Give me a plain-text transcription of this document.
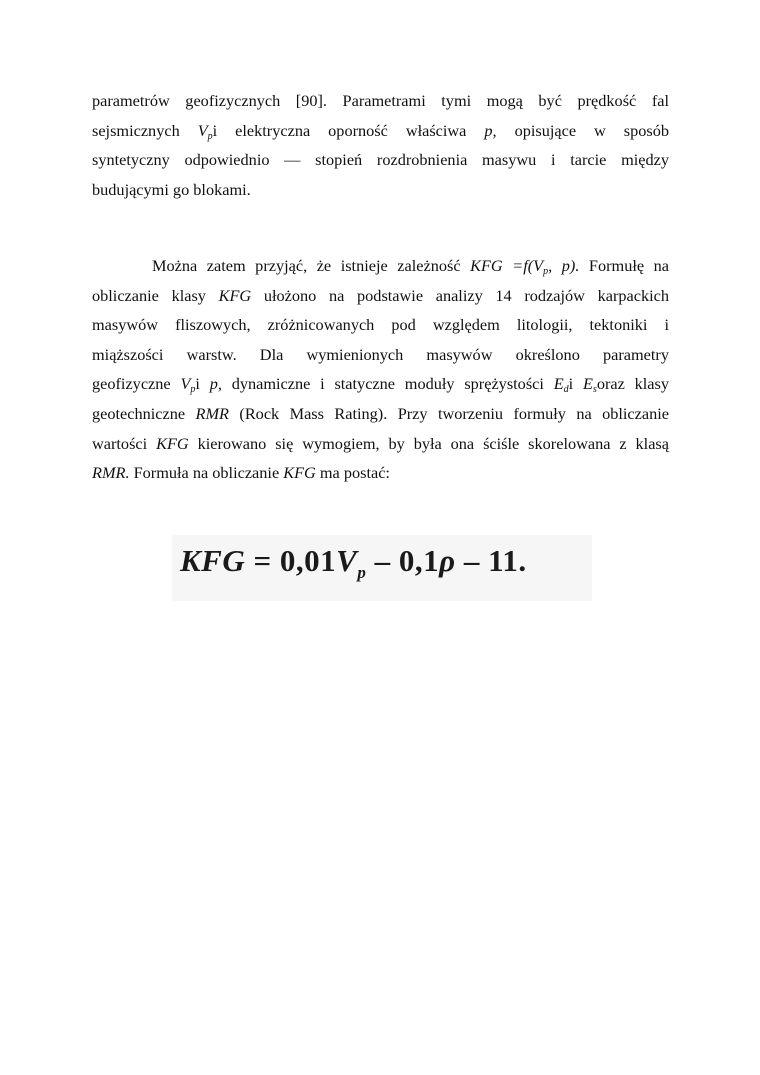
parametrów geofizycznych [90]. Parametrami tymi mogą być prędkość fal
sejsmicznych $V_pi$ elektryczna oporność właściwa p, opisujące w sposób
syntetyczny odpowiednio — stopień rozdrobnienia masywu i tarcie między
budującymi go blokami.
Można zatem przyjąć, że istnieje zależność KFG $=f(V_p$, p). Formułę na
obliczanie klasy KFG ułożono na podstawie analizy 14 rodzajów karpackich
masywów fliszowych, zróżnicowanych pod względem litologii, tektoniki i
miąższości warstw. Dla wymienionych masywów określono parametry
geofizyczne $V_pi$ p, dynamiczne i statyczne moduły sprężystości $E_di$ $E_soraz$ klasy
geotechniczne RMR (Rock Mass Rating). Przy tworzeniu formuły na obliczanie
wartości KFG kierowano się wymogiem, by była ona ściśle skorelowana z klasą
RMR. Formuła na obliczanie KFG ma postać:
KFG = $0,01V_p - 0,1\rho - 11$.
